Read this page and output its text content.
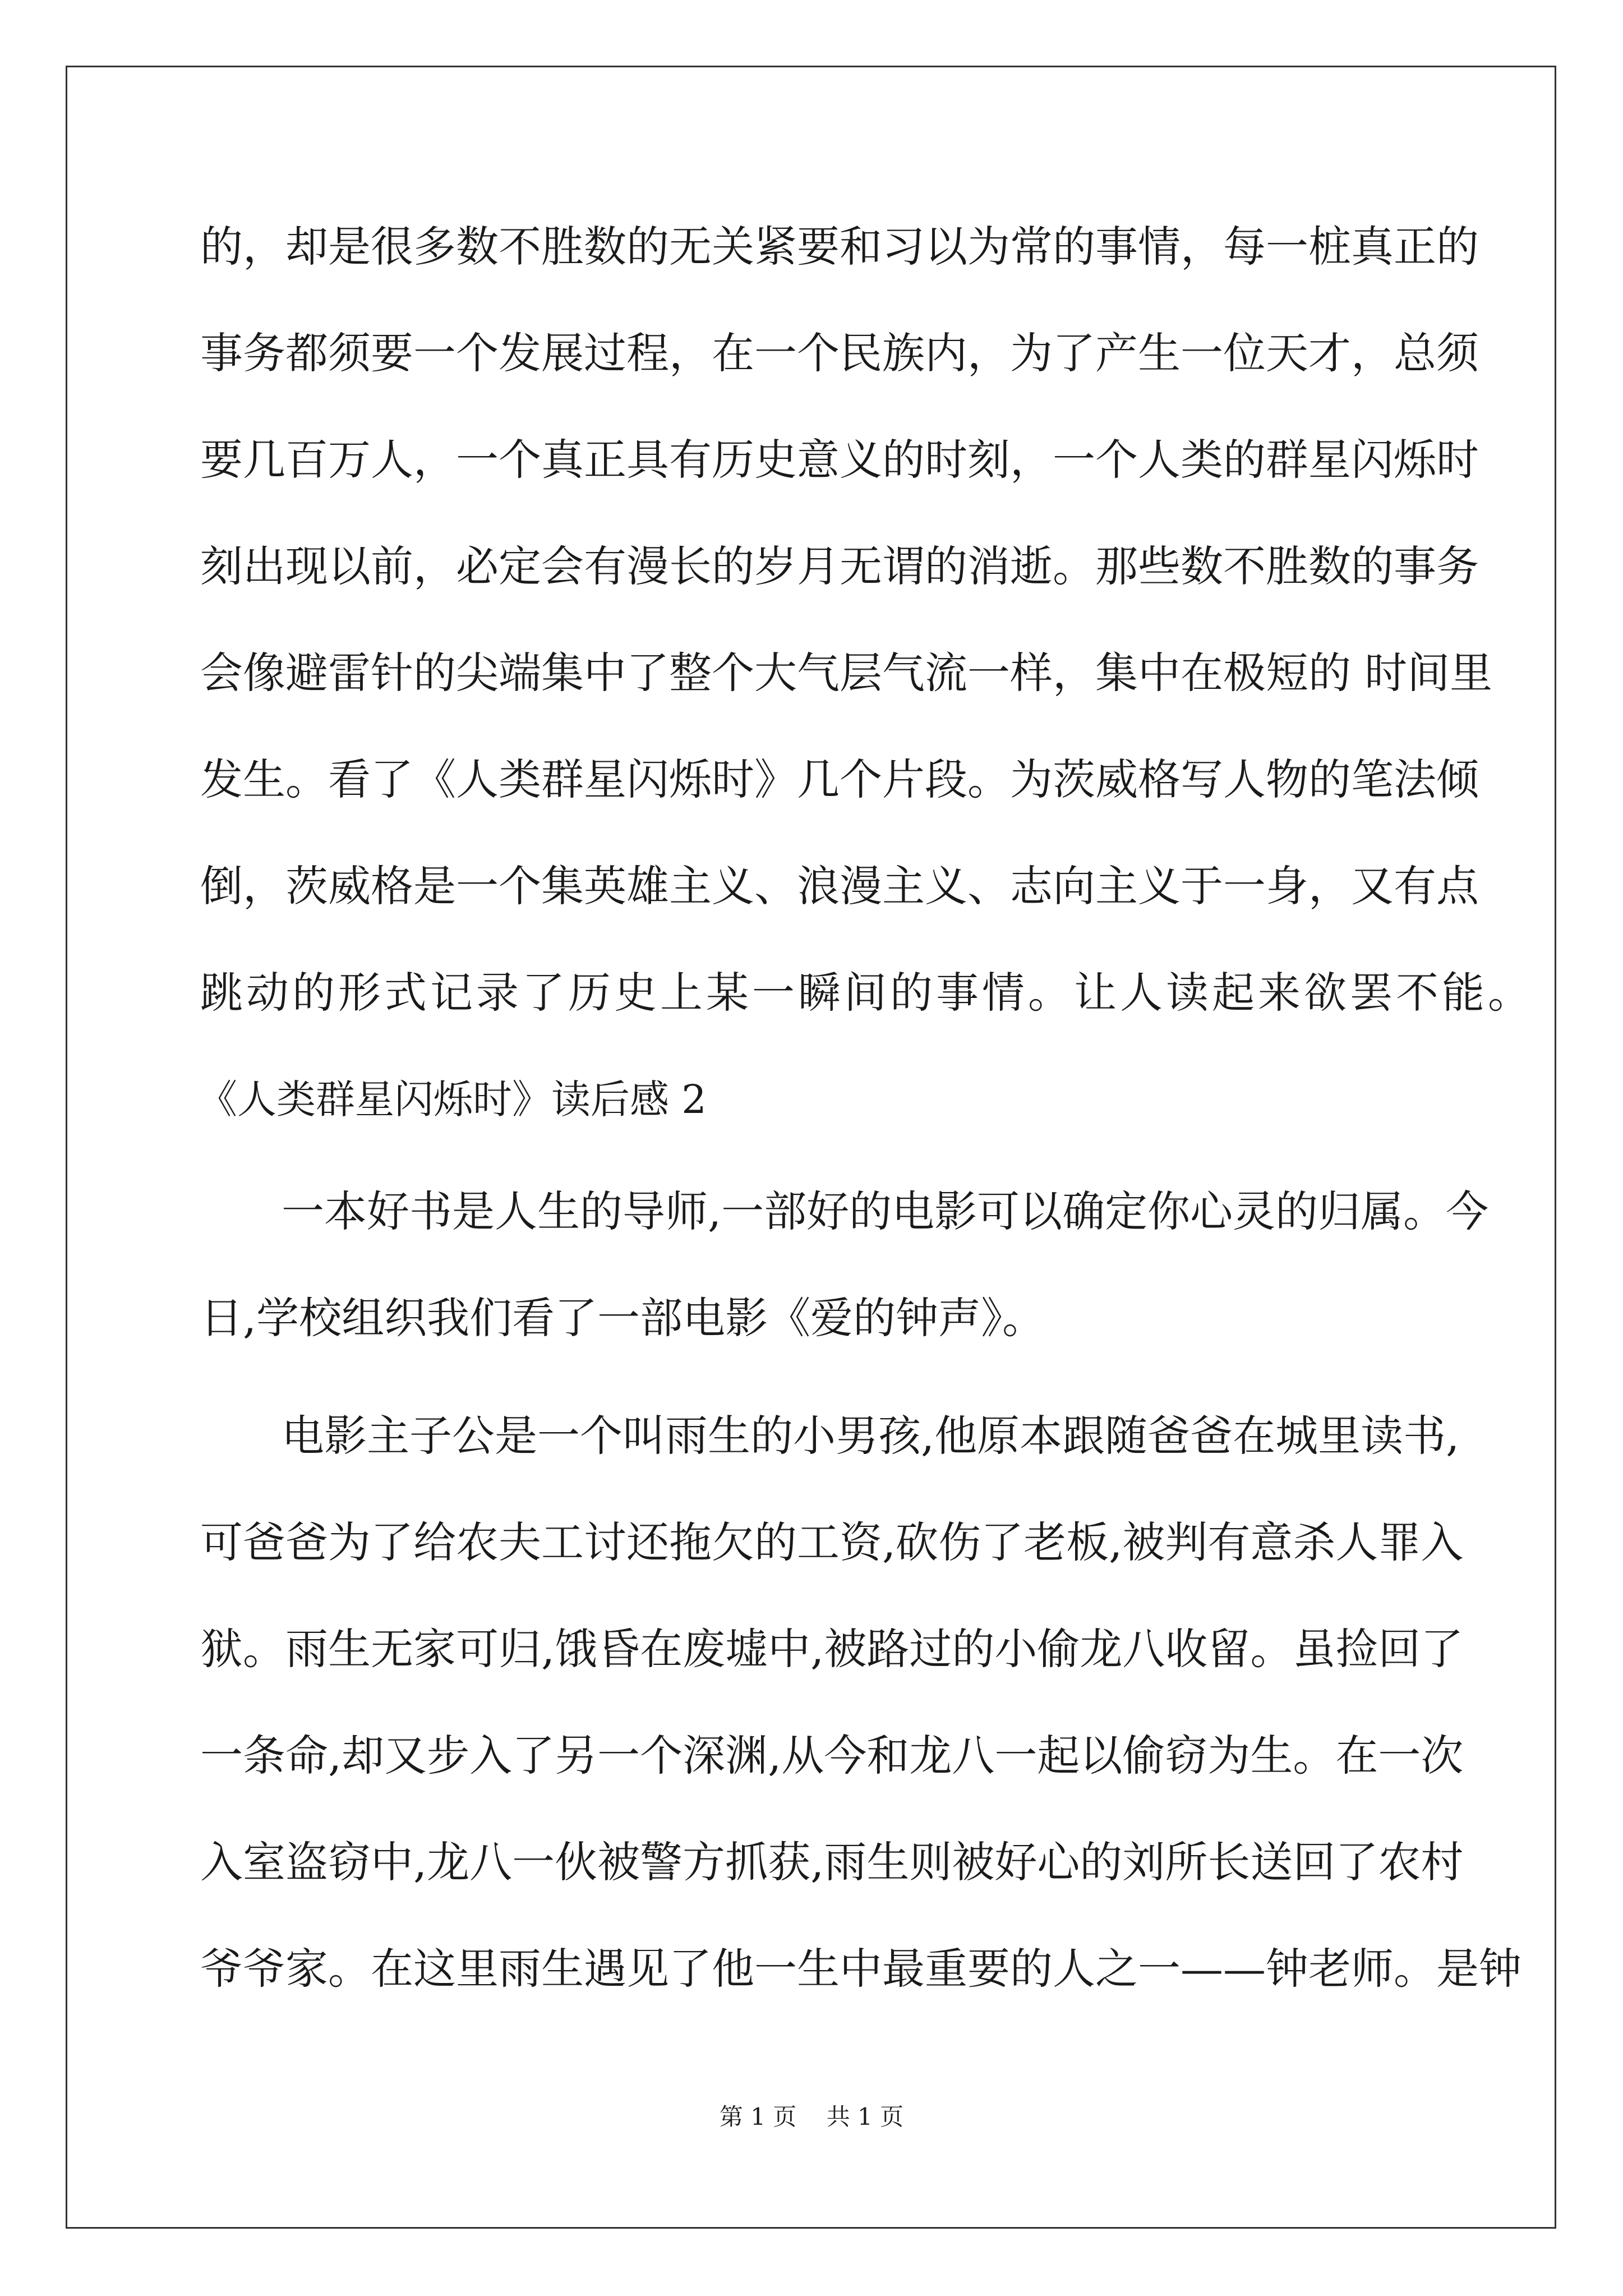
的 ， 却 是 很 多 数 不 胜 数 的 无 关 紧 要 和 习 以 为 常 的 事 情 ， 每 一 桩 真 正 的
事 务 都 须 要 一 个 发 展 过 程 ， 在 一 个 民 族 内 ， 为 了 产 生 一 位 天 才 ， 总 须
要 几 百 万 人 ， 一 个 真 正 具 有 历 史 意 义 的 时 刻 ， 一 个 人 类 的 群 星 闪 烁 时
刻 出 现 以 前 ， 必 定 会 有 漫 长 的 岁 月 无 谓 的 消 逝 。 那 些 数 不 胜 数 的 事 务
会 像 避 雷 针 的 尖 端 集 中 了 整 个 大 气 层 气 流 一 样 ， 集 中 在 极 短 的
时 间 里
发 生 。 看 了 《 人 类 群 星 闪 烁 时 》 几 个 片 段 。 为 茨 威 格 写 人 物 的 笔 法 倾
倒 ， 茨 威 格 是 一 个 集 英 雄 主 义 、 浪 漫 主 义 、 志 向 主 义 于 一 身 ， 又 有 点
跳动的形式记录了历史上某一瞬间的事情。让人读起来欲罢不能。
《人类群星闪烁时》读后感 2
一 本 好 书 是 人 生 的 导 师 , 一 部 好 的 电 影 可 以 确 定 你 心 灵 的 归 属 。 今
日,学校组织我们看了一部电影《爱的钟声》。
电 影 主 子 公 是 一 个 叫 雨 生 的 小 男 孩 , 他 原 本 跟 随 爸 爸 在 城 里 读 书 ,
可 爸 爸 为 了 给 农 夫 工 讨 还 拖 欠 的 工 资 , 砍 伤 了 老 板 , 被 判 有 意 杀 人 罪 入
狱 。 雨 生 无 家 可 归 , 饿 昏 在 废 墟 中 , 被 路 过 的 小 偷 龙 八 收 留 。 虽 捡 回 了
一 条 命 , 却 又 步 入 了 另 一 个 深 渊 , 从 今 和 龙 八 一 起 以 偷 窃 为 生 。 在 一 次
入 室 盗 窃 中 , 龙 八 一 伙 被 警 方 抓 获 , 雨 生 则 被 好 心 的 刘 所 长 送 回 了 农 村
爷 爷 家 。 在 这 里 雨 生 遇 见 了 他 一 生 中 最 重 要 的 人 之 一 — — 钟 老 师 。 是 钟
第 1 页    共 1 页
